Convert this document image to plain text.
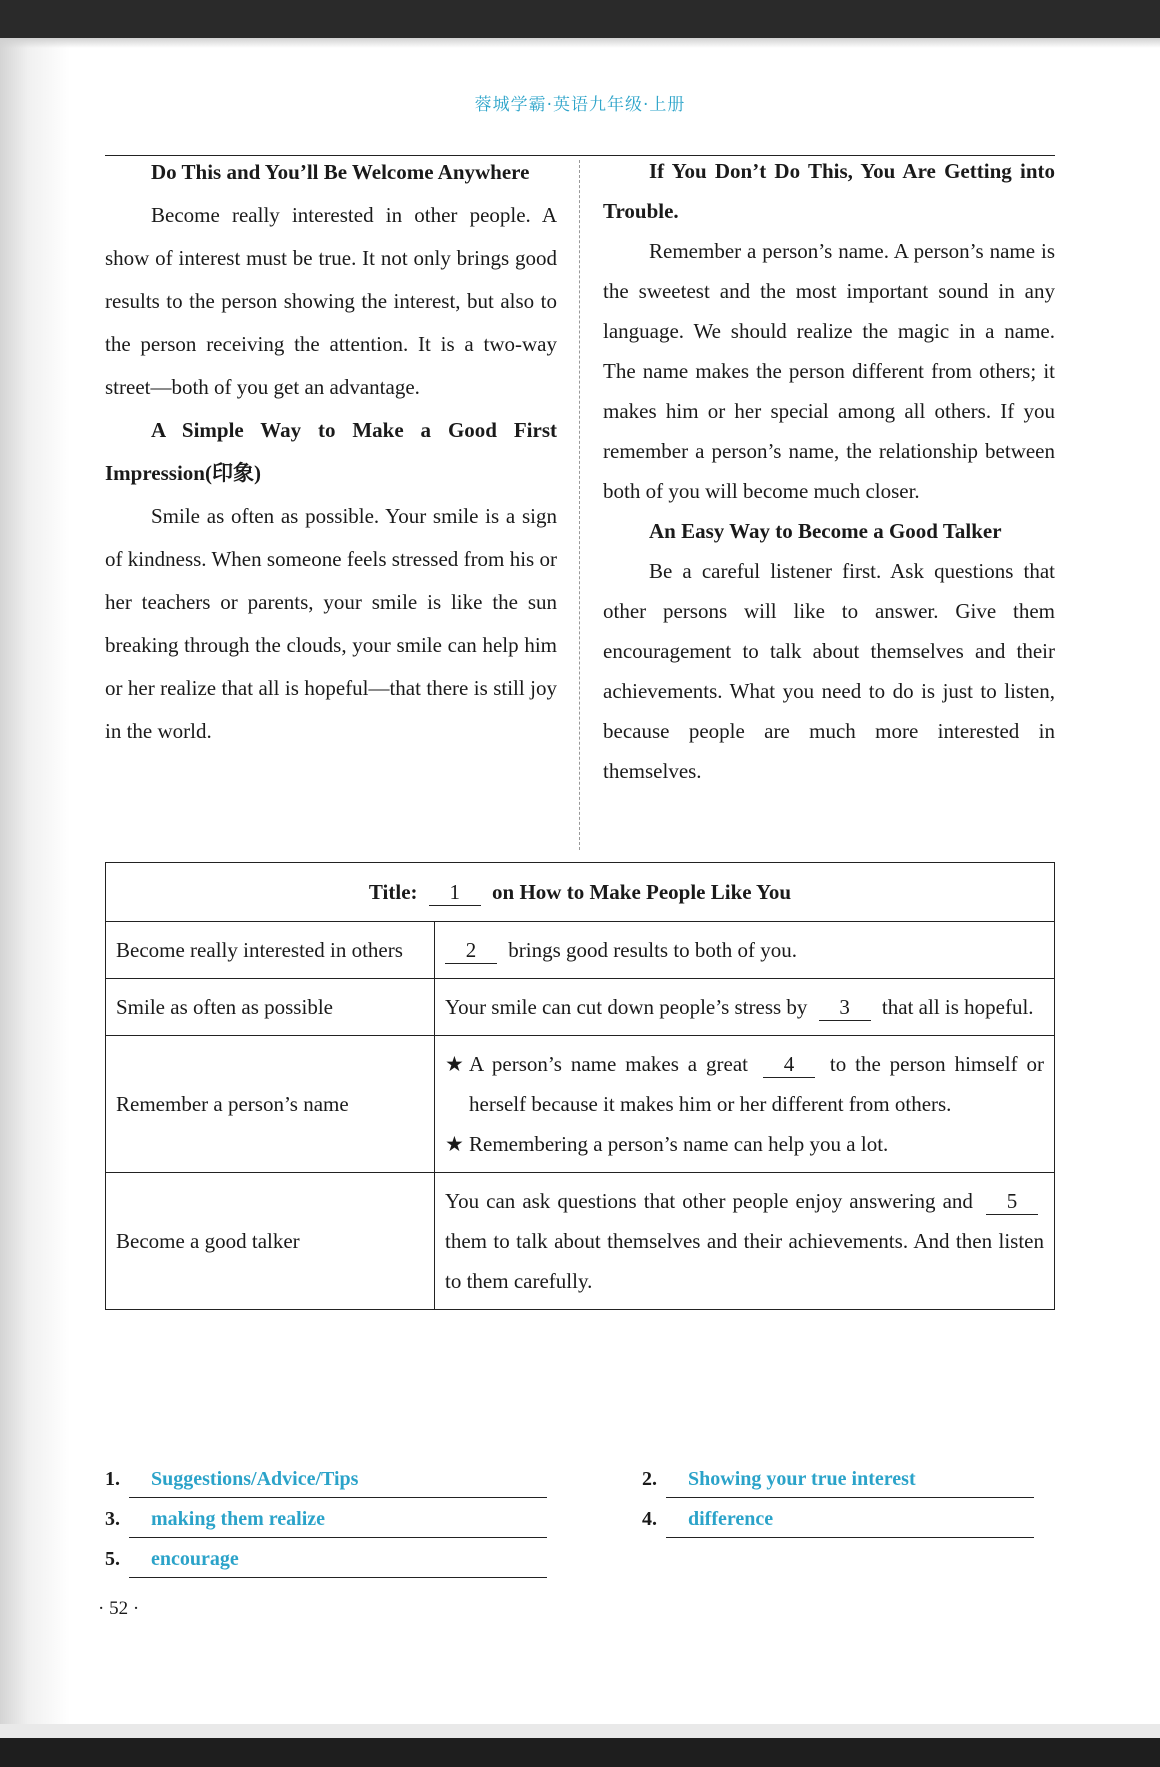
蓉城学霸·英语九年级·上册
Do This and You’ll Be Welcome Anywhere

Become really interested in other people. A show of interest must be true. It not only brings good results to the person showing the interest, but also to the person receiving the attention. It is a two-way street—both of you get an advantage.

A Simple Way to Make a Good First Impression(印象)

Smile as often as possible. Your smile is a sign of kindness. When someone feels stressed from his or her teachers or parents, your smile is like the sun breaking through the clouds, your smile can help him or her realize that all is hopeful—that there is still joy in the world.

If You Don’t Do This, You Are Getting into Trouble.

Remember a person’s name. A person’s name is the sweetest and the most important sound in any language. We should realize the magic in a name. The name makes the person different from others; it makes him or her special among all others. If you remember a person’s name, the relationship between both of you will become much closer.

An Easy Way to Become a Good Talker

Be a careful listener first. Ask questions that other persons will like to answer. Give them encouragement to talk about themselves and their achievements. What you need to do is just to listen, because people are much more interested in themselves.

Title: 1 on How to Make People Like You	
Become really interested in others	2 brings good results to both of you.
Smile as often as possible	Your smile can cut down people’s stress by 3 that all is hopeful.
Remember a person’s name	★ A person’s name makes a great 4 to the person himself or herself because it makes him or her different from others.
★ Remembering a person’s name can help you a lot.

Become a good talker	You can ask questions that other people enjoy answering and 5 them to talk about themselves and their achievements. And then listen to them carefully.
1. Suggestions/Advice/Tips	2. Showing your true interest
3. making them realize	4. difference
5. encourage
· 52 ·
